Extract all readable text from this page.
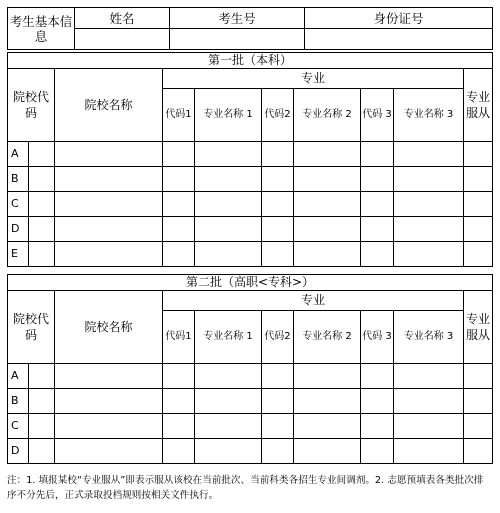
考生基本信息	姓名	考生号	身份证号

第一批（本科）									
院校代码		院校名称	专业						专业服从
			代码1	专业名称 1	代码2	专业名称 2	代码 3	专业名称 3	
A									
B									
C									
D									
E									
第二批（高职<专科>）									
院校代码		院校名称	专业						专业服从
			代码1	专业名称 1	代码2	专业名称 2	代码 3	专业名称 3	
A									
B									
C									
D									
注：1. 填报某校“专业服从”即表示服从该校在当前批次、当前科类各招生专业间调剂。2. 志愿预填表各类批次排序不分先后，正式录取投档规则按相关文件执行。
